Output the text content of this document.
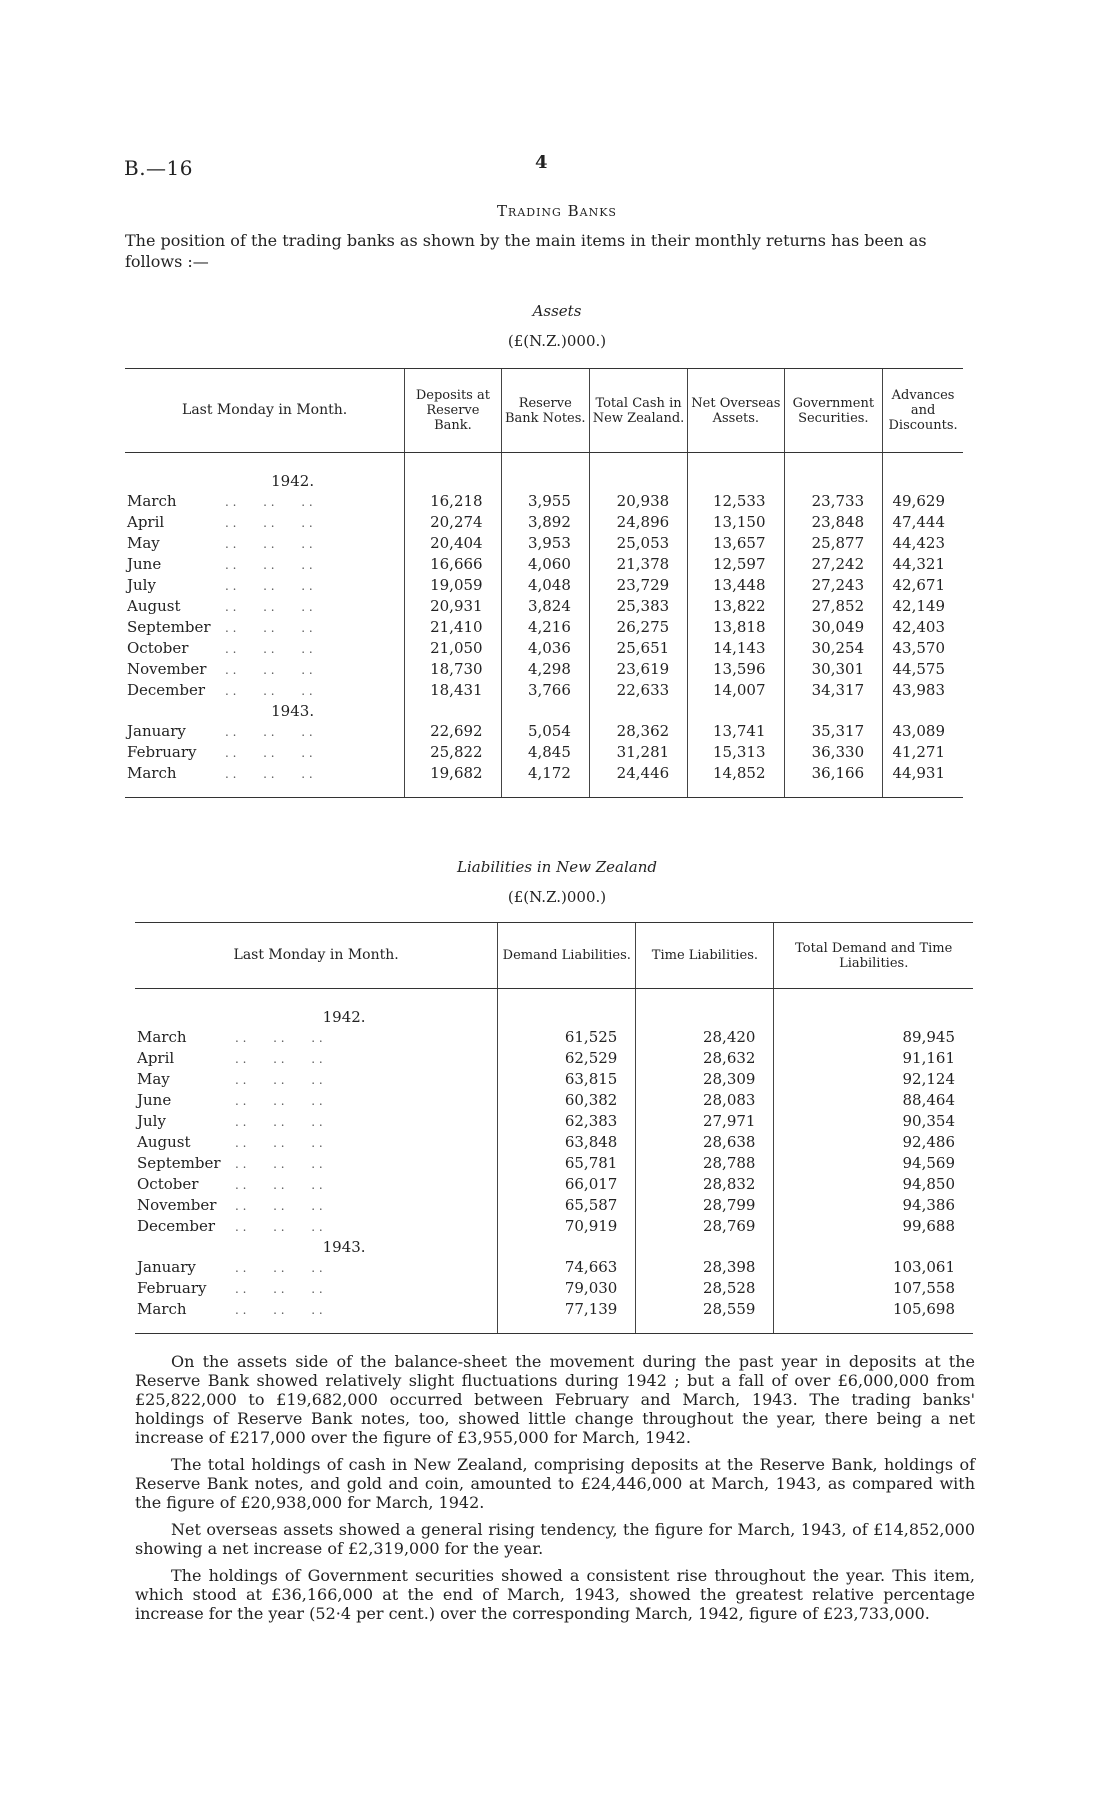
B.—16	4
Trading Banks
The position of the trading banks as shown by the main items in their monthly returns has been as follows :—
Assets
(£(N.Z.)000.)
Last Monday in Month.	Deposits at Reserve Bank.	Reserve Bank Notes.	Total Cash in New Zealand.	Net Overseas Assets.	Government Securities.	Advances and Discounts.
1942.						
March . .       . .       . .	16,218	3,955	20,938	12,533	23,733	49,629
April . .       . .       . .	20,274	3,892	24,896	13,150	23,848	47,444
May . .       . .       . .	20,404	3,953	25,053	13,657	25,877	44,423
June . .       . .       . .	16,666	4,060	21,378	12,597	27,242	44,321
July . .       . .       . .	19,059	4,048	23,729	13,448	27,243	42,671
August . .       . .       . .	20,931	3,824	25,383	13,822	27,852	42,149
September . .       . .       . .	21,410	4,216	26,275	13,818	30,049	42,403
October . .       . .       . .	21,050	4,036	25,651	14,143	30,254	43,570
November . .       . .       . .	18,730	4,298	23,619	13,596	30,301	44,575
December . .       . .       . .	18,431	3,766	22,633	14,007	34,317	43,983
1943.						
January . .       . .       . .	22,692	5,054	28,362	13,741	35,317	43,089
February . .       . .       . .	25,822	4,845	31,281	15,313	36,330	41,271
March . .       . .       . .	19,682	4,172	24,446	14,852	36,166	44,931

Liabilities in New Zealand
(£(N.Z.)000.)
Last Monday in Month.	Demand Liabilities.	Time Liabilities.	Total Demand and Time Liabilities.
1942.			
March . .       . .       . .	61,525	28,420	89,945
April . .       . .       . .	62,529	28,632	91,161
May . .       . .       . .	63,815	28,309	92,124
June . .       . .       . .	60,382	28,083	88,464
July . .       . .       . .	62,383	27,971	90,354
August . .       . .       . .	63,848	28,638	92,486
September . .       . .       . .	65,781	28,788	94,569
October . .       . .       . .	66,017	28,832	94,850
November . .       . .       . .	65,587	28,799	94,386
December . .       . .       . .	70,919	28,769	99,688
1943.			
January . .       . .       . .	74,663	28,398	103,061
February . .       . .       . .	79,030	28,528	107,558
March . .       . .       . .	77,139	28,559	105,698

On the assets side of the balance-sheet the movement during the past year in deposits at the Reserve Bank showed relatively slight fluctuations during 1942 ; but a fall of over £6,000,000 from £25,822,000 to £19,682,000 occurred between February and March, 1943. The trading banks' holdings of Reserve Bank notes, too, showed little change throughout the year, there being a net increase of £217,000 over the figure of £3,955,000 for March, 1942.

The total holdings of cash in New Zealand, comprising deposits at the Reserve Bank, holdings of Reserve Bank notes, and gold and coin, amounted to £24,446,000 at March, 1943, as compared with the figure of £20,938,000 for March, 1942.

Net overseas assets showed a general rising tendency, the figure for March, 1943, of £14,852,000 showing a net increase of £2,319,000 for the year.

The holdings of Government securities showed a consistent rise throughout the year. This item, which stood at £36,166,000 at the end of March, 1943, showed the greatest relative percentage increase for the year (52·4 per cent.) over the corresponding March, 1942, figure of £23,733,000.
